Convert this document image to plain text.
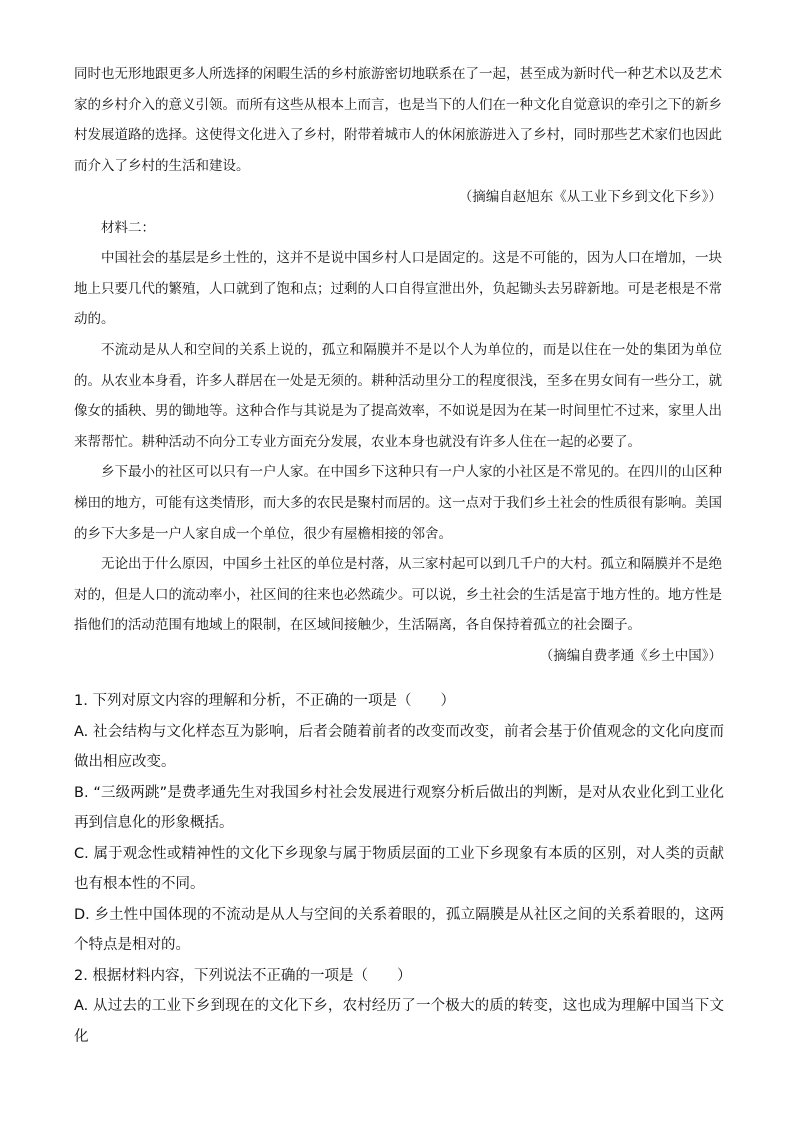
同时也无形地跟更多人所选择的闲暇生活的乡村旅游密切地联系在了一起，甚至成为新时代一种艺术以及艺术家的乡村介入的意义引领。而所有这些从根本上而言，也是当下的人们在一种文化自觉意识的牵引之下的新乡村发展道路的选择。这使得文化进入了乡村，附带着城市人的休闲旅游进入了乡村，同时那些艺术家们也因此而介入了乡村的生活和建设。

（摘编自赵旭东《从工业下乡到文化下乡》）

材料二：

中国社会的基层是乡土性的，这并不是说中国乡村人口是固定的。这是不可能的，因为人口在增加，一块地上只要几代的繁殖，人口就到了饱和点；过剩的人口自得宣泄出外，负起锄头去另辟新地。可是老根是不常动的。

不流动是从人和空间的关系上说的，孤立和隔膜并不是以个人为单位的，而是以住在一处的集团为单位的。从农业本身看，许多人群居在一处是无须的。耕种活动里分工的程度很浅，至多在男女间有一些分工，就像女的插秧、男的锄地等。这种合作与其说是为了提高效率，不如说是因为在某一时间里忙不过来，家里人出来帮帮忙。耕种活动不向分工专业方面充分发展，农业本身也就没有许多人住在一起的必要了。

乡下最小的社区可以只有一户人家。在中国乡下这种只有一户人家的小社区是不常见的。在四川的山区种梯田的地方，可能有这类情形，而大多的农民是聚村而居的。这一点对于我们乡土社会的性质很有影响。美国的乡下大多是一户人家自成一个单位，很少有屋檐相接的邻舍。

无论出于什么原因，中国乡土社区的单位是村落，从三家村起可以到几千户的大村。孤立和隔膜并不是绝对的，但是人口的流动率小，社区间的往来也必然疏少。可以说，乡土社会的生活是富于地方性的。地方性是指他们的活动范围有地域上的限制，在区域间接触少，生活隔离，各自保持着孤立的社会圈子。

（摘编自费孝通《乡土中国》）

1. 下列对原文内容的理解和分析，不正确的一项是（　　）

A. 社会结构与文化样态互为影响，后者会随着前者的改变而改变，前者会基于价值观念的文化向度而做出相应改变。

B. “三级两跳”是费孝通先生对我国乡村社会发展进行观察分析后做出的判断，是对从农业化到工业化再到信息化的形象概括。

C. 属于观念性或精神性的文化下乡现象与属于物质层面的工业下乡现象有本质的区别，对人类的贡献也有根本性的不同。

D. 乡土性中国体现的不流动是从人与空间的关系着眼的，孤立隔膜是从社区之间的关系着眼的，这两个特点是相对的。

2. 根据材料内容，下列说法不正确的一项是（　　）

A. 从过去的工业下乡到现在的文化下乡，农村经历了一个极大的质的转变，这也成为理解中国当下文化
